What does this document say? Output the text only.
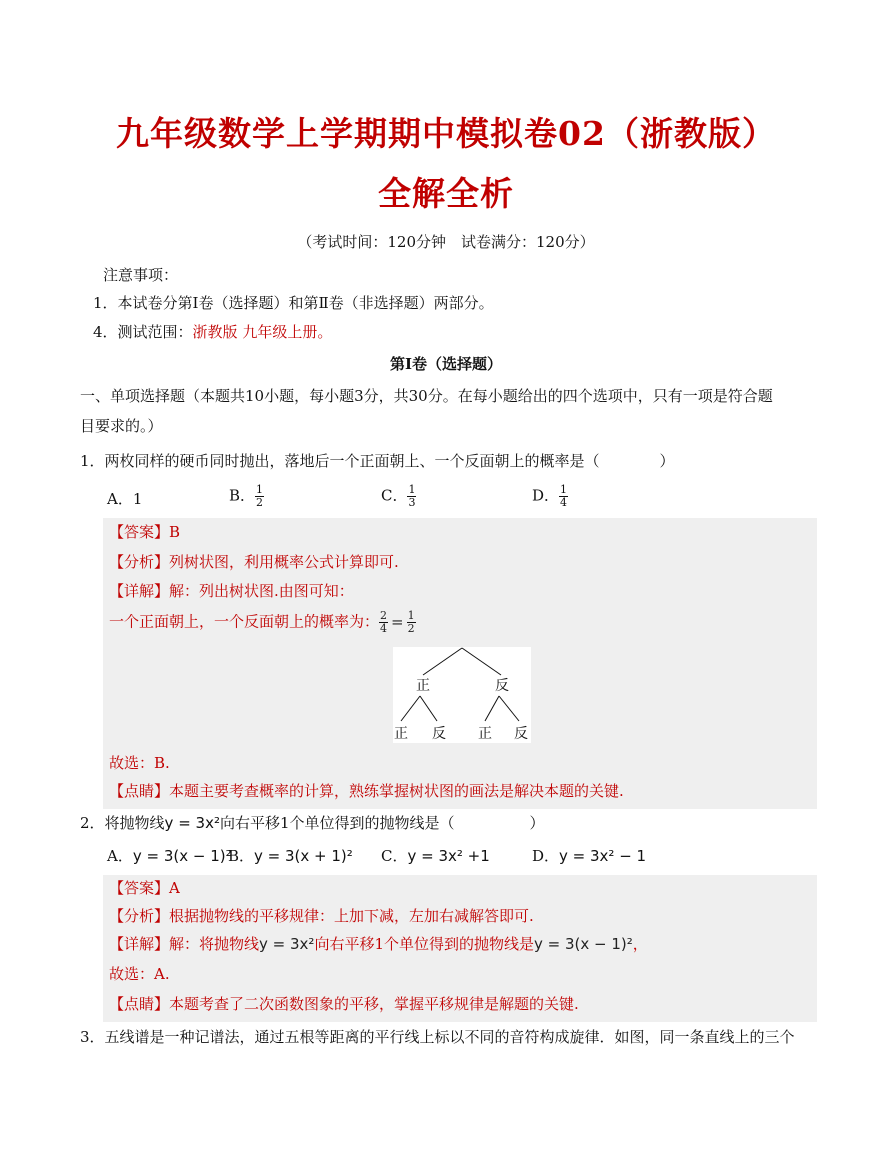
九年级数学上学期期中模拟卷02（浙教版）
全解全析
（考试时间：120分钟　试卷满分：120分）
注意事项：
1．本试卷分第Ⅰ卷（选择题）和第Ⅱ卷（非选择题）两部分。
4．测试范围：浙教版 九年级上册。
第Ⅰ卷（选择题）
一、单项选择题（本题共10小题，每小题3分，共30分。在每小题给出的四个选项中，只有一项是符合题
目要求的。）
1．两枚同样的硬币同时抛出，落地后一个正面朝上、一个反面朝上的概率是（　　　　）
A．1	B． $\frac{1}{2}$	C． $\frac{1}{3}$	D． $\frac{1}{4}$
【答案】B
【分析】列树状图，利用概率公式计算即可.
【详解】解：列出树状图.由图可知：
一个正面朝上，一个反面朝上的概率为： $\frac{2}{4} = \frac{1}{2}$
故选：B.
【点睛】本题主要考查概率的计算，熟练掌握树状图的画法是解决本题的关键.
正	反
正 反 正 反
2．将抛物线y = 3x²向右平移1个单位得到的抛物线是（　　　　　）
A．y = 3(x − 1)²
B．y = 3(x + 1)² C．y = 3x² +1	D．y = 3x² − 1
【答案】A
【分析】根据抛物线的平移规律：上加下减，左加右减解答即可.
【详解】解：将抛物线y = 3x²向右平移1个单位得到的抛物线是y = 3(x − 1)²，
故选：A.
【点睛】本题考查了二次函数图象的平移，掌握平移规律是解题的关键.
3．五线谱是一种记谱法，通过五根等距离的平行线上标以不同的音符构成旋律．如图，同一条直线上的三个
